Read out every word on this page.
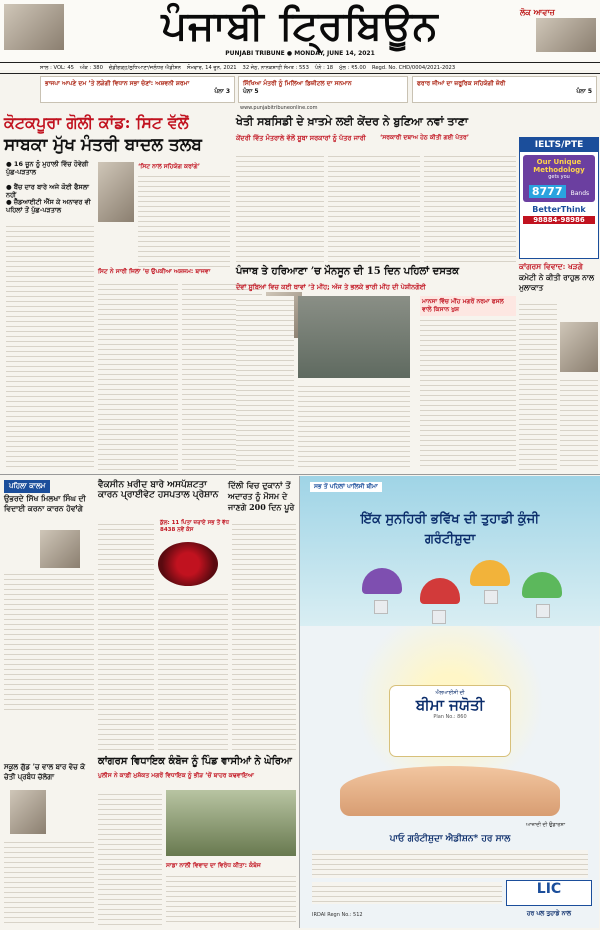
ਪੰਜਾਬੀ ਟ੍ਰਿਬਿਊਨ	ਲੋਕ ਆਵਾਜ਼
PUNJABI TRIBUNE ● MONDAY, JUNE 14, 2021
ਸਾਲ : VOL: 45 ਅੰਕ : 380 ਚੰਡੀਗੜ੍ਹ/ਲੁਧਿਆਣਾ/ਜਲੰਧਰ ਐਡੀਸ਼ਨ ਸੋਮਵਾਰ, 14 ਜੂਨ, 2021 32 ਜੇਠ, ਨਾਨਕਸ਼ਾਹੀ ਸੰਮਤ : 553 ਪੰਨੇ : 18 ਮੁੱਲ : ₹5.00 Regd. No. CHD/0004/2021-2023
ਭਾਜਪਾ ਆਪਣੇ ਦਮ ’ਤੇ ਲੜੇਗੀ ਵਿਧਾਨ ਸਭਾ ਚੋਣਾਂ: ਅਸ਼ਵਨੀ ਸ਼ਰਮਾ
ਪੰਨਾ 3
ਸਿੱਖਿਆ ਮੰਤਰੀ ਨੂੰ ਮਿਲਿਆ ਡਿਜ਼ੀਟਲ ਦਾ ਸਨਮਾਨ
ਪੰਨਾ 5
ਫਰਾਰ ਜੀਆਂ ਦਾ ਜ਼ਰੂਰਿਕ ਸਹਿਯੋਗੀ ਜ਼ੋਰੀ
ਪੰਨਾ 5
www.punjabitribuneonline.com
ਕੋਟਕਪੂਰਾ ਗੋਲੀ ਕਾਂਡ: ਸਿਟ ਵੱਲੋਂ
ਸਾਬਕਾ ਮੁੱਖ ਮੰਤਰੀ ਬਾਦਲ ਤਲਬ
● 16 ਜੂਨ ਨੂੰ ਮੁਹਾਲੀ ਵਿੱਚ ਹੋਵੇਗੀ ਪੁੱਛ-ਪੜਤਾਲ
● ਬੈਂਚ ਦਾਰ ਬਾਰੇ ਅਜੇ ਕੋਈ ਫੈਸਲਾ ਨਹੀਂ
● ਜ਼ੈੱਡਆਈਟੀ ਐੱਸ ਕੇ ਅਨਾਵਰ ਵੀ ਪਹਿਲਾਂ ਤੋਂ ਪੁੱਛ-ਪੜਤਾਲ
‘ਸਿਟ ਨਾਲ ਸਹਿਯੋਗ ਕਰਾਂਗੇ’
ਸਿਟ ਨੇ ਸਾਰੀ ਜਿਲਾ ’ਚ ਉਪਕੀਆ ਅਸ਼ਜਮ: ਬਾਜਵਾ
ਖੇਤੀ ਸਬਸਿਡੀ ਦੇ ਖ਼ਾਤਮੇ ਲਈ ਕੇਂਦਰ ਨੇ ਬੁਣਿਆ ਨਵਾਂ ਤਾਣਾ
ਕੇਂਦਰੀ ਵਿੱਤ ਮੰਤਰਾਲੇ ਵੱਲੋਂ ਸੂਬਾ ਸਰਕਾਰਾਂ ਨੂੰ ਪੱਤਰ ਜਾਰੀ	‘ਸਰਕਾਰੀ ਦਬਾਅ ਹੇਠ ਕੀਤੀ ਗਈ ਪੱਤਰ’
IELTS/PTE
Our Unique
Methodology
gets you
8777 Bands
BetterThink
98884-98986
ਕਾਂਗਰਸ ਵਿਵਾਦ: ਖੜਗੇ
ਕਮੇਟੀ ਨੇ ਕੀਤੀ ਰਾਹੁਲ ਨਾਲ ਮੁਲਾਕਾਤ
ਪੰਜਾਬ ਤੇ ਹਰਿਆਣਾ ’ਚ ਮੌਨਸੂਨ ਦੀ 15 ਦਿਨ ਪਹਿਲਾਂ ਦਸਤਕ
ਦੋਵਾਂ ਸੂਬਿਆਂ ਵਿਚ ਕਈ ਥਾਵਾਂ ’ਤੇ ਮੀਂਹ; ਅੱਜ ਤੇ ਭਲਕੇ ਭਾਰੀ ਮੀਂਹ ਦੀ ਪੇਸ਼ੀਨਗੋਈ
ਮਾਨਸਾ ਵਿੱਚ ਮੀਂਹ ਮਗਰੋਂ ਨਰਮਾ ਫਸਲ ਵਾਲੇ ਕਿਸਾਨ ਖੁਸ਼
ਪਹਿਲਾ ਕਾਲਮ
ਉਭਰਦੇ ਸਿੱਖ ਮਿਲਖਾ ਸਿੰਘ ਦੀ ਵਿਦਾਈ ਕਰਨਾ ਕਾਰਨ ਹੋਵਾਂਗੇ
ਸਕੂਲ ਗੁੱਡ ’ਚ ਵਾਲ ਬਾਰ ਵੇਚ ਕੇ ਚੇਤੀ ਪ੍ਰਬੰਧ ਚੱਲੇਗਾ
ਵੈਕਸੀਨ ਖ਼ਰੀਦ ਬਾਰੇ ਅਸਪੱਸ਼ਟਤਾ ਕਾਰਨ ਪ੍ਰਾਈਵੇਟ ਹਸਪਤਾਲ ਪ੍ਰੇਸ਼ਾਨ
ਦਿੱਲੀ ਵਿਚ ਦੁਕਾਨਾਂ ਤੋਂ ਅਦਾਰਤ ਨੂੰ ਮੌਸਮ ਦੇ ਜਾਣਗੇ 200 ਦਿਨ ਪੂਰੇ
ਕੁੱਲ: 11 ਪਿਤਾ ਜ਼ਰਾਏ ਸਭ ਤੋਂ ਵੱਧ 8438 ਨਵੇਂ ਕੇਸ
ਕਾਂਗਰਸ ਵਿਧਾਇਕ ਕੰਬੋਜ ਨੂੰ ਪਿੰਡ ਵਾਸੀਆਂ ਨੇ ਘੇਰਿਆ
ਪੁਲੀਸ ਨੇ ਕਾਫ਼ੀ ਮੁਸ਼ੱਕਤ ਮਗਰੋਂ ਵਿਧਾਇਕ ਨੂੰ ਭੀੜ ’ਚੋਂ ਬਾਹਰ ਕਢਵਾਇਆ
ਸਾਡਾ ਨਾਲੀ ਵਿਵਾਦ ਦਾ ਵਿਰੋਧ ਕੀਤਾ: ਕੰਬੋਜ
ਸਭ ਤੋਂ ਪਹਿਲਾਂ ਪਾਲਿਸੀ ਬੀਮਾ
ਇੱਕ ਸੁਨਹਿਰੀ ਭਵਿੱਖ ਦੀ ਤੁਹਾਡੀ ਕੁੰਜੀ
ਗਰੰਟੀਸ਼ੁਦਾ
ਐਲਆਈਸੀ ਦੀ
ਬੀਮਾ ਜਯੋਤੀ
Plan No.: 860
ਆਜ਼ਾਦੀ ਦੀ ਉਡਾਰਸ਼ਾ
ਪਾਓ ਗਰੰਟੀਸ਼ੁਦਾ ਐਡੀਸ਼ਨ* ਹਰ ਸਾਲ
LIC
ਹਰ ਪਲ ਤੁਹਾਡੇ ਨਾਲ
IRDAI Regn No.: 512
